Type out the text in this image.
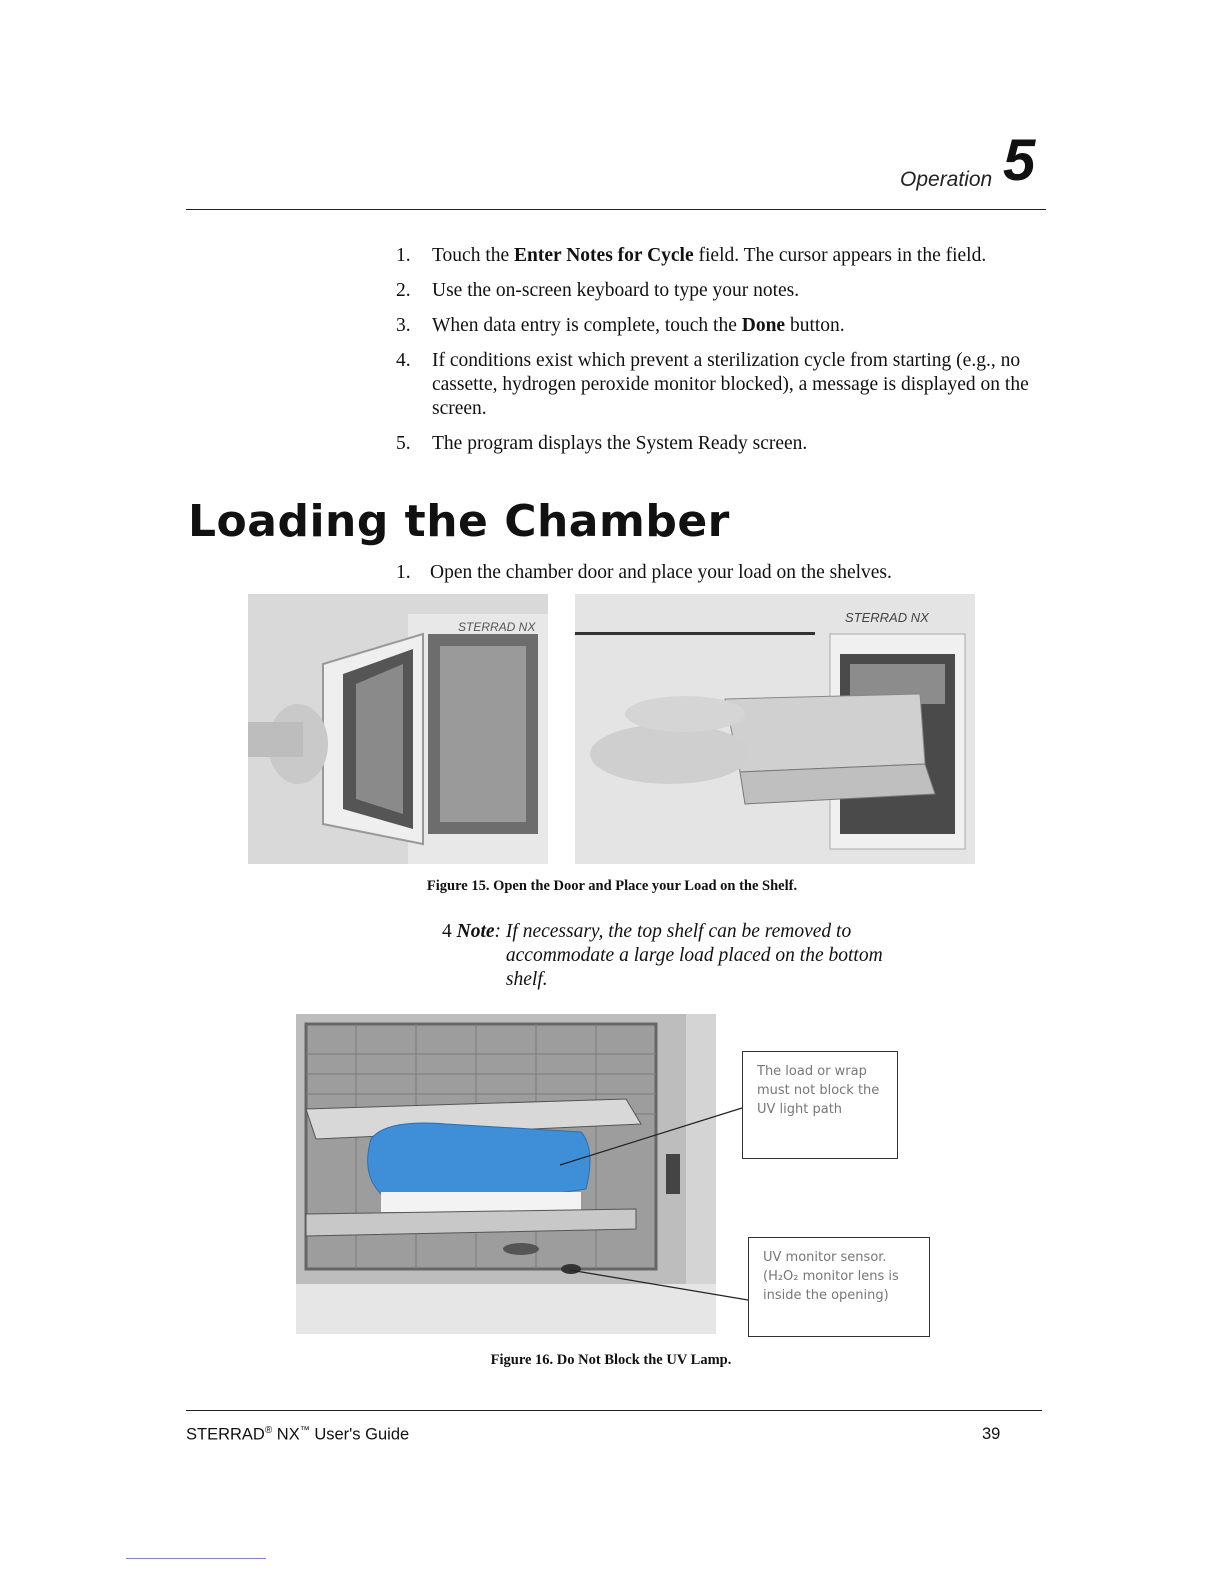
Operation 5
1. Touch the Enter Notes for Cycle field. The cursor appears in the field.
2. Use the on-screen keyboard to type your notes.
3. When data entry is complete, touch the Done button.
4. If conditions exist which prevent a sterilization cycle from starting (e.g., no cassette, hydrogen peroxide monitor blocked), a message is displayed on the screen.
5. The program displays the System Ready screen.
Loading the Chamber
1. Open the chamber door and place your load on the shelves.
STERRAD NX
STERRAD NX
Figure 15. Open the Door and Place your Load on the Shelf.
4 Note: If necessary, the top shelf can be removed to accommodate a large load placed on the bottom shelf.
The load or wrap must not block the UV light path
UV monitor sensor. (H₂O₂ monitor lens is inside the opening)
Figure 16. Do Not Block the UV Lamp.
STERRAD® NX™ User's Guide	39
